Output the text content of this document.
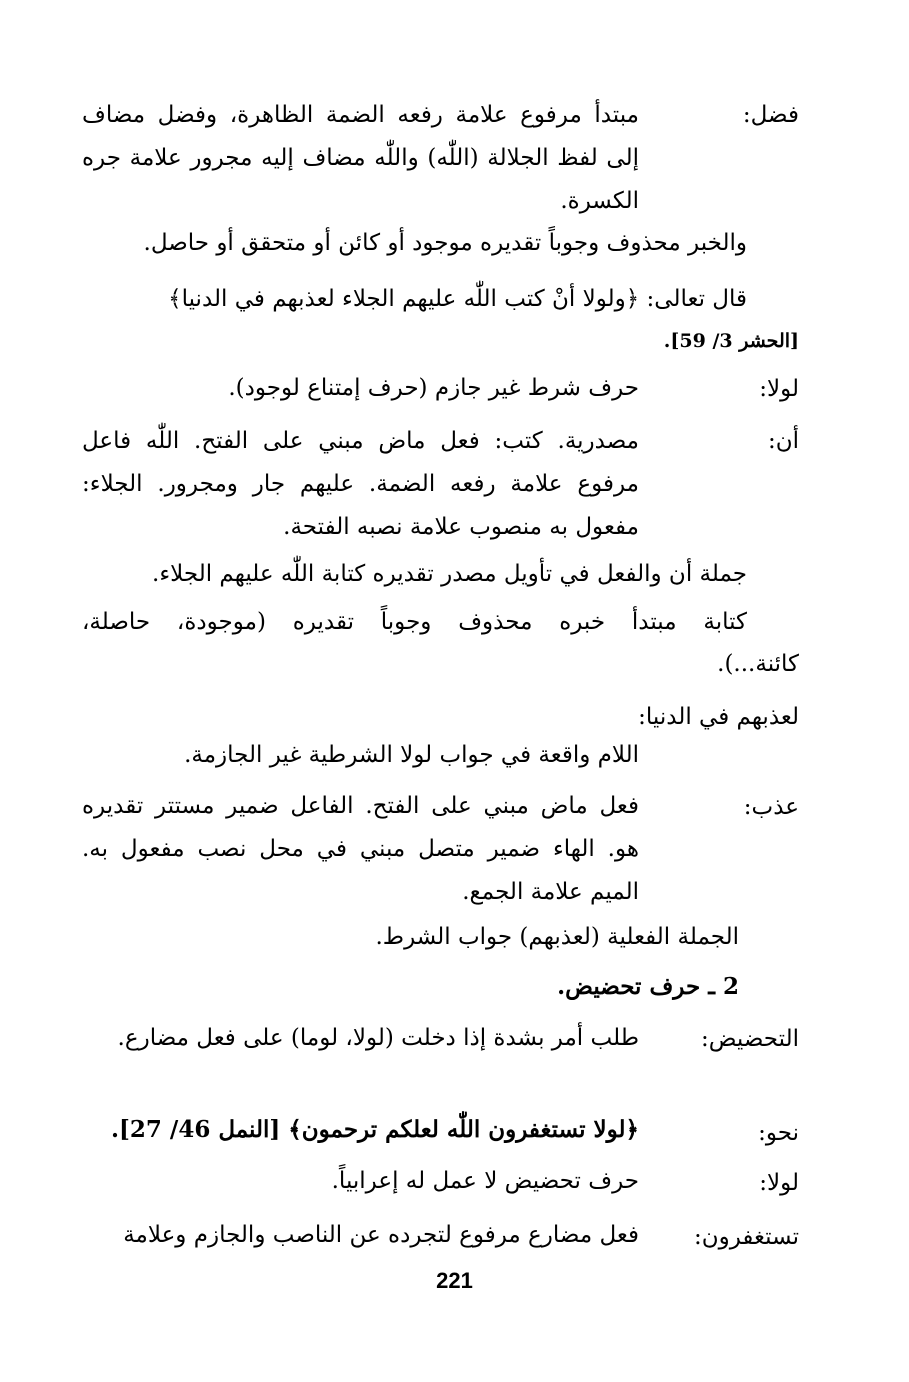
فضل:
مبتدأ مرفوع علامة رفعه الضمة الظاهرة، وفضل مضاف إلى لفظ الجلالة (اللّٰه) واللّٰه مضاف إليه مجرور علامة جره الكسرة.
والخبر محذوف وجوباً تقديره موجود أو كائن أو متحقق أو حاصل.
قال تعالى: ﴿ولولا أنْ كتب اللّٰه عليهم الجلاء لعذبهم في الدنيا﴾
[الحشر 3/ 59].
لولا:
حرف شرط غير جازم (حرف إمتناع لوجود).
أن:
مصدرية. كتب: فعل ماض مبني على الفتح. اللّٰه فاعل مرفوع علامة رفعه الضمة. عليهم جار ومجرور. الجلاء: مفعول به منصوب علامة نصبه الفتحة.
جملة أن والفعل في تأويل مصدر تقديره كتابة اللّٰه عليهم الجلاء.
كتابة مبتدأ خبره محذوف وجوباً تقديره (موجودة، حاصلة،
كائنة...).
لعذبهم في الدنيا:
اللام واقعة في جواب لولا الشرطية غير الجازمة.
عذب:
فعل ماض مبني على الفتح. الفاعل ضمير مستتر تقديره هو. الهاء ضمير متصل مبني في محل نصب مفعول به. الميم علامة الجمع.
الجملة الفعلية (لعذبهم) جواب الشرط.
2 ـ حرف تحضيض.
التحضيض:
طلب أمر بشدة إذا دخلت (لولا، لوما) على فعل مضارع.
نحو:
﴿لولا تستغفرون اللّٰه لعلكم ترحمون﴾ [النمل 46/ 27].
لولا:
حرف تحضيض لا عمل له إعرابياً.
تستغفرون:
فعل مضارع مرفوع لتجرده عن الناصب والجازم وعلامة
221
